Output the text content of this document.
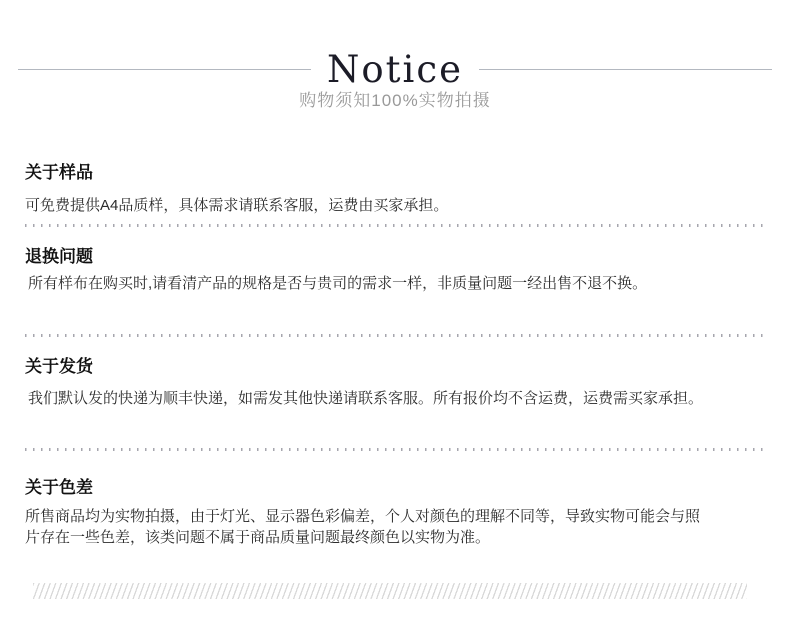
Notice
购物须知100%实物拍摄
关于样品

可免费提供A4品质样，具体需求请联系客服，运费由买家承担。

退换问题

所有样布在购买时,请看清产品的规格是否与贵司的需求一样，非质量问题一经出售不退不换。

关于发货

我们默认发的快递为顺丰快递，如需发其他快递请联系客服。所有报价均不含运费，运费需买家承担。

关于色差

所售商品均为实物拍摄，由于灯光、显示器色彩偏差，个人对颜色的理解不同等，导致实物可能会与照
片存在一些色差，该类问题不属于商品质量问题最终颜色以实物为准。
